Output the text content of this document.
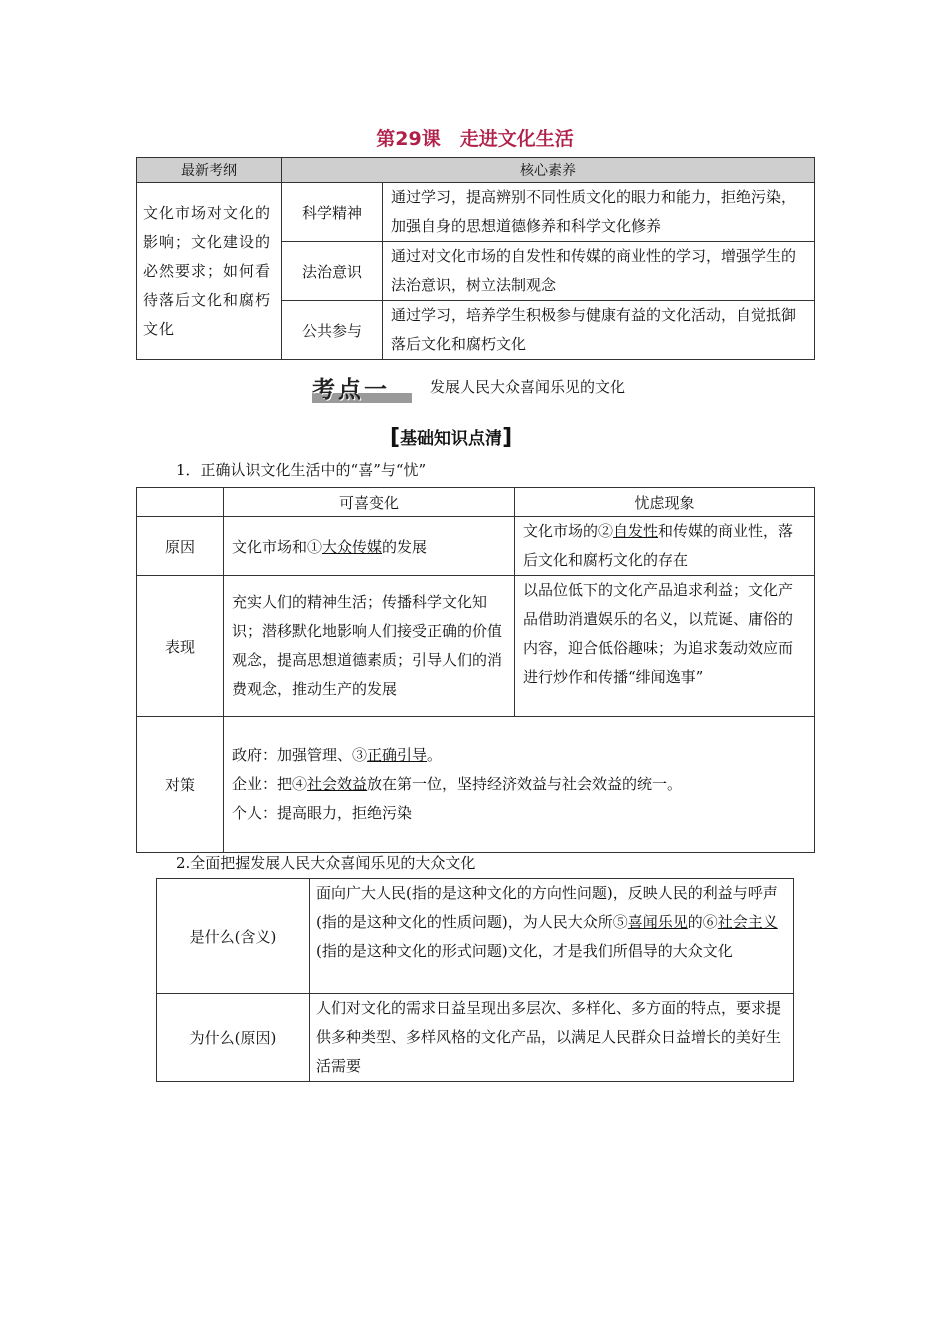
第29课　走进文化生活
最新考纲	核心素养	
文化市场对文化的影响；文化建设的必然要求；如何看待落后文化和腐朽文化	科学精神	通过学习，提高辨别不同性质文化的眼力和能力，拒绝污染，加强自身的思想道德修养和科学文化修养
	法治意识	通过对文化市场的自发性和传媒的商业性的学习，增强学生的法治意识，树立法制观念
	公共参与	通过学习，培养学生积极参与健康有益的文化活动，自觉抵御落后文化和腐朽文化
考点一	发展人民大众喜闻乐见的文化
[基础知识点清]
1．正确认识文化生活中的“喜”与“忧”
	可喜变化	忧虑现象
原因	文化市场和①大众传媒的发展	文化市场的②自发性和传媒的商业性，落后文化和腐朽文化的存在
表现	充实人们的精神生活；传播科学文化知识；潜移默化地影响人们接受正确的价值观念，提高思想道德素质；引导人们的消费观念，推动生产的发展	以品位低下的文化产品追求利益；文化产品借助消遣娱乐的名义，以荒诞、庸俗的内容，迎合低俗趣味；为追求轰动效应而进行炒作和传播“绯闻逸事”
对策	政府：加强管理、③正确引导。
企业：把④社会效益放在第一位，坚持经济效益与社会效益的统一。
个人：提高眼力，拒绝污染	
2.全面把握发展人民大众喜闻乐见的大众文化
是什么(含义)	面向广大人民(指的是这种文化的方向性问题)，反映人民的利益与呼声(指的是这种文化的性质问题)，为人民大众所⑤喜闻乐见的⑥社会主义(指的是这种文化的形式问题)文化，才是我们所倡导的大众文化
为什么(原因)	人们对文化的需求日益呈现出多层次、多样化、多方面的特点，要求提供多种类型、多样风格的文化产品，以满足人民群众日益增长的美好生活需要
